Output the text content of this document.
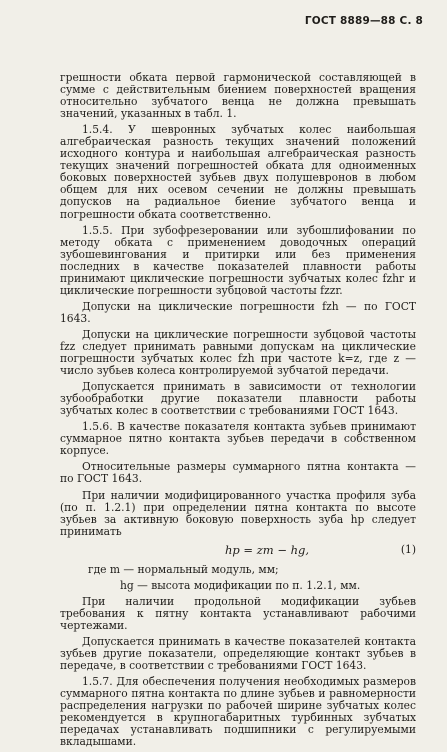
ГОСТ 8889—88 С. 8

грешности обката первой гармонической составляющей в сумме с действительным биением поверхностей вращения относительно зубчатого венца не должна превышать значений, указанных в табл. 1.

1.5.4. У шевронных зубчатых колес наибольшая алгебраическая разность текущих значений положений исходного контура и наибольшая алгебраическая разность текущих значений погрешностей обката для одноименных боковых поверхностей зубьев двух полушевронов в любом общем для них осевом сечении не должны превышать допусков на радиальное биение зубчатого венца и погрешности обката соответственно.

1.5.5. При зубофрезеровании или зубошлифовании по методу обката с применением доводочных операций зубошевингования и притирки или без применения последних в качестве показателей плавности работы принимают циклические погрешности зубчатых колес fzhr и циклические погрешности зубцовой частоты fzzr.

Допуски на циклические погрешности fzh — по ГОСТ 1643.

Допуски на циклические погрешности зубцовой частоты fzz следует принимать равными допускам на циклические погрешности зубчатых колес fzh при частоте k=z, где z — число зубьев колеса контролируемой зубчатой передачи.

Допускается принимать в зависимости от технологии зубообработки другие показатели плавности работы зубчатых колес в соответствии с требованиями ГОСТ 1643.

1.5.6. В качестве показателя контакта зубьев принимают суммарное пятно контакта зубьев передачи в собственном корпусе.

Относительные размеры суммарного пятна контакта — по ГОСТ 1643.

При наличии модифицированного участка профиля зуба (по п. 1.2.1) при определении пятна контакта по высоте зубьев за активную боковую поверхность зуба hp следует принимать

hp = zm − hg,	(1)

где m — нормальный модуль, мм;

hg — высота модификации по п. 1.2.1, мм.

При наличии продольной модификации зубьев требования к пятну контакта устанавливают рабочими чертежами.

Допускается принимать в качестве показателей контакта зубьев другие показатели, определяющие контакт зубьев в передаче, в соответствии с требованиями ГОСТ 1643.

1.5.7. Для обеспечения получения необходимых размеров суммарного пятна контакта по длине зубьев и равномерности распределения нагрузки по рабочей ширине зубчатых колес рекомендуется в крупногабаритных турбинных зубчатых передачах устанавливать подшипники с регулируемыми вкладышами.
